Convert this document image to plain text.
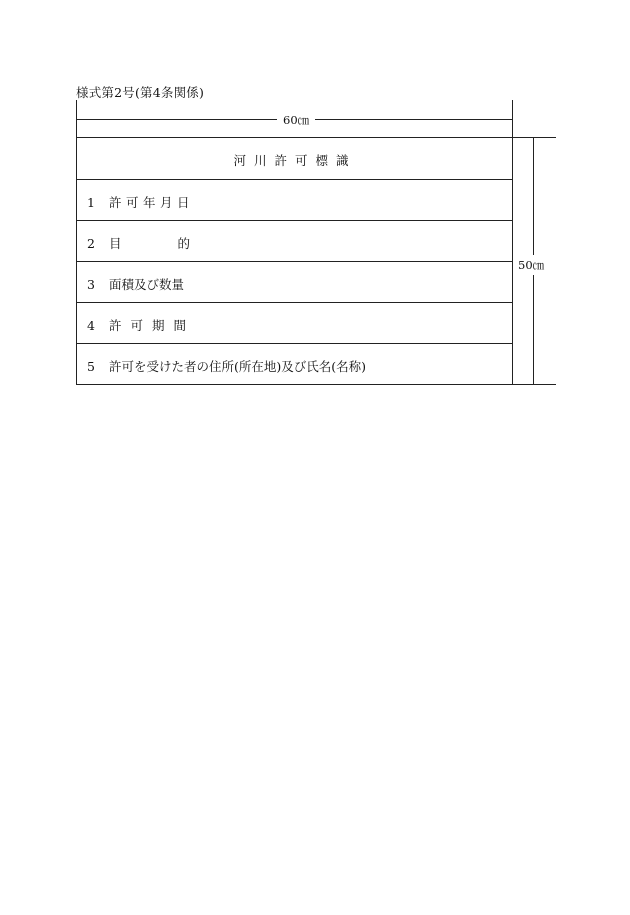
様式第2号(第4条関係)
60㎝
50㎝
河川許可標識
1 許可年月日
2 目	的
3 面積及び数量
4 許可期間
5 許可を受けた者の住所(所在地)及び氏名(名称)
